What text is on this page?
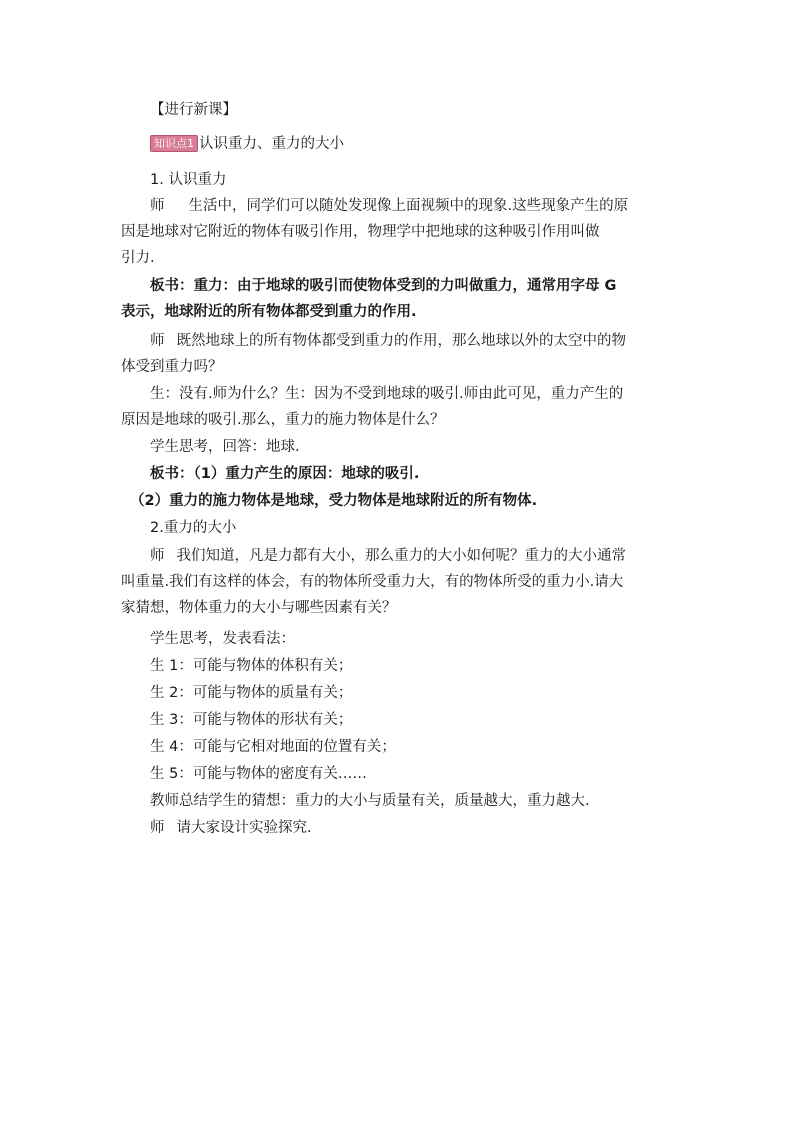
【进行新课】
知识点1 认识重力、重力的大小
1. 认识重力
师 生活中，同学们可以随处发现像上面视频中的现象.这些现象产生的原
因是地球对它附近的物体有吸引作用，物理学中把地球的这种吸引作用叫做
引力.
板书：重力：由于地球的吸引而使物体受到的力叫做重力，通常用字母 G
表示，地球附近的所有物体都受到重力的作用.
师 既然地球上的所有物体都受到重力的作用，那么地球以外的太空中的物
体受到重力吗？
生：没有.师为什么？生：因为不受到地球的吸引.师由此可见，重力产生的
原因是地球的吸引.那么，重力的施力物体是什么？
学生思考，回答：地球.
板书：（1）重力产生的原因：地球的吸引.
（2）重力的施力物体是地球，受力物体是地球附近的所有物体.
2.重力的大小
师 我们知道，凡是力都有大小，那么重力的大小如何呢？重力的大小通常
叫重量.我们有这样的体会，有的物体所受重力大，有的物体所受的重力小.请大
家猜想，物体重力的大小与哪些因素有关？
学生思考，发表看法：
生 1：可能与物体的体积有关；
生 2：可能与物体的质量有关；
生 3：可能与物体的形状有关；
生 4：可能与它相对地面的位置有关；
生 5：可能与物体的密度有关……
教师总结学生的猜想：重力的大小与质量有关，质量越大，重力越大.
师 请大家设计实验探究.
